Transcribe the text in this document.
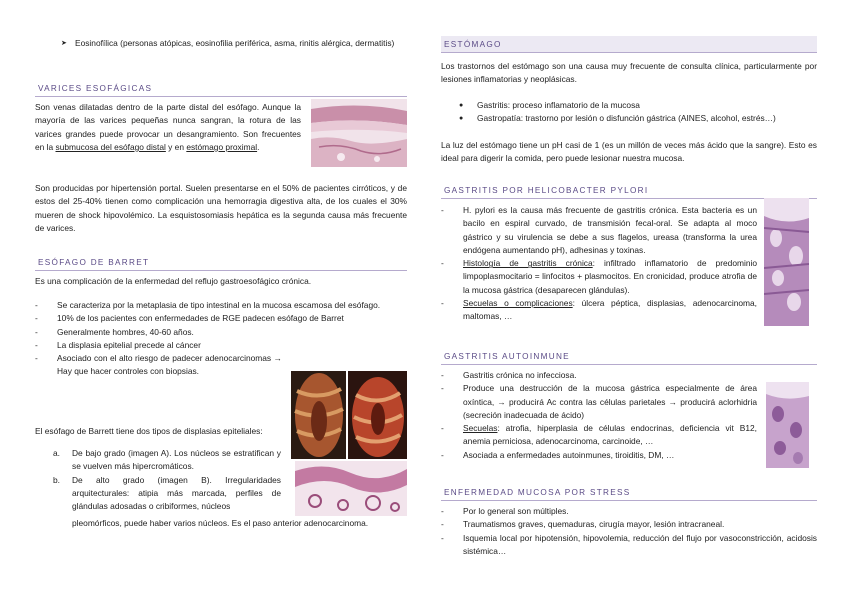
➤ Eosinofílica (personas atópicas, eosinofilia periférica, asma, rinitis alérgica, dermatitis)
VARICES ESOFÁGICAS
Son venas dilatadas dentro de la parte distal del esófago. Aunque la mayoría de las varices pequeñas nunca sangran, la rotura de las varices grandes puede provocar un desangramiento. Son frecuentes en la submucosa del esófago distal y en estómago proximal.
Son producidas por hipertensión portal. Suelen presentarse en el 50% de pacientes cirróticos, y de estos del 25-40% tienen como complicación una hemorragia digestiva alta, de los cuales el 30% mueren de shock hipovolémico. La esquistosomiasis hepática es la segunda causa más frecuente de varices.
ESÓFAGO DE BARRET
Es una complicación de la enfermedad del reflujo gastroesofágico crónica.
- Se caracteriza por la metaplasia de tipo intestinal en la mucosa escamosa del esófago.
- 10% de los pacientes con enfermedades de RGE padecen esófago de Barret
- Generalmente hombres, 40-60 años.
- La displasia epitelial precede al cáncer
- Asociado con el alto riesgo de padecer adenocarcinomas → Hay que hacer controles con biopsias.
El esófago de Barrett tiene dos tipos de displasias epiteliales:
a. De bajo grado (imagen A). Los núcleos se estratifican y se vuelven más hipercromáticos.
b. De alto grado (imagen B). Irregularidades arquitecturales: atipia más marcada, perfiles de glándulas adosadas o cribiformes, núcleos
pleomórficos, puede haber varios núcleos. Es el paso anterior adenocarcinoma.
ESTÓMAGO
Los trastornos del estómago son una causa muy frecuente de consulta clínica, particularmente por lesiones inflamatorias y neoplásicas.
● Gastritis: proceso inflamatorio de la mucosa
● Gastropatía: trastorno por lesión o disfunción gástrica (AINES, alcohol, estrés…)
La luz del estómago tiene un pH casi de 1 (es un millón de veces más ácido que la sangre). Esto es ideal para digerir la comida, pero puede lesionar nuestra mucosa.
GASTRITIS POR HELICOBACTER PYLORI
- H. pylori es la causa más frecuente de gastritis crónica. Esta bacteria es un bacilo en espiral curvado, de transmisión fecal-oral. Se adapta al moco gástrico y su virulencia se debe a sus flagelos, ureasa (transforma la urea endógena aumentando pH), adhesinas y toxinas.
- Histología de gastritis crónica: infiltrado inflamatorio de predominio limpoplasmocitario = linfocitos + plasmocitos. En cronicidad, produce atrofia de la mucosa gástrica (desaparecen glándulas).
- Secuelas o complicaciones: úlcera péptica, displasias, adenocarcinoma, maltomas, …
GASTRITIS AUTOINMUNE
- Gastritis crónica no infecciosa.
- Produce una destrucción de la mucosa gástrica especialmente de área oxíntica, → producirá Ac contra las células parietales → producirá aclorhidria (secreción inadecuada de ácido)
- Secuelas: atrofia, hiperplasia de células endocrinas, deficiencia vit B12, anemia perniciosa, adenocarcinoma, carcinoide, …
- Asociada a enfermedades autoinmunes, tiroiditis, DM, …
ENFERMEDAD MUCOSA POR STRESS
- Por lo general son múltiples.
- Traumatismos graves, quemaduras, cirugía mayor, lesión intracraneal.
- Isquemia local por hipotensión, hipovolemia, reducción del flujo por vasoconstricción, acidosis sistémica…
